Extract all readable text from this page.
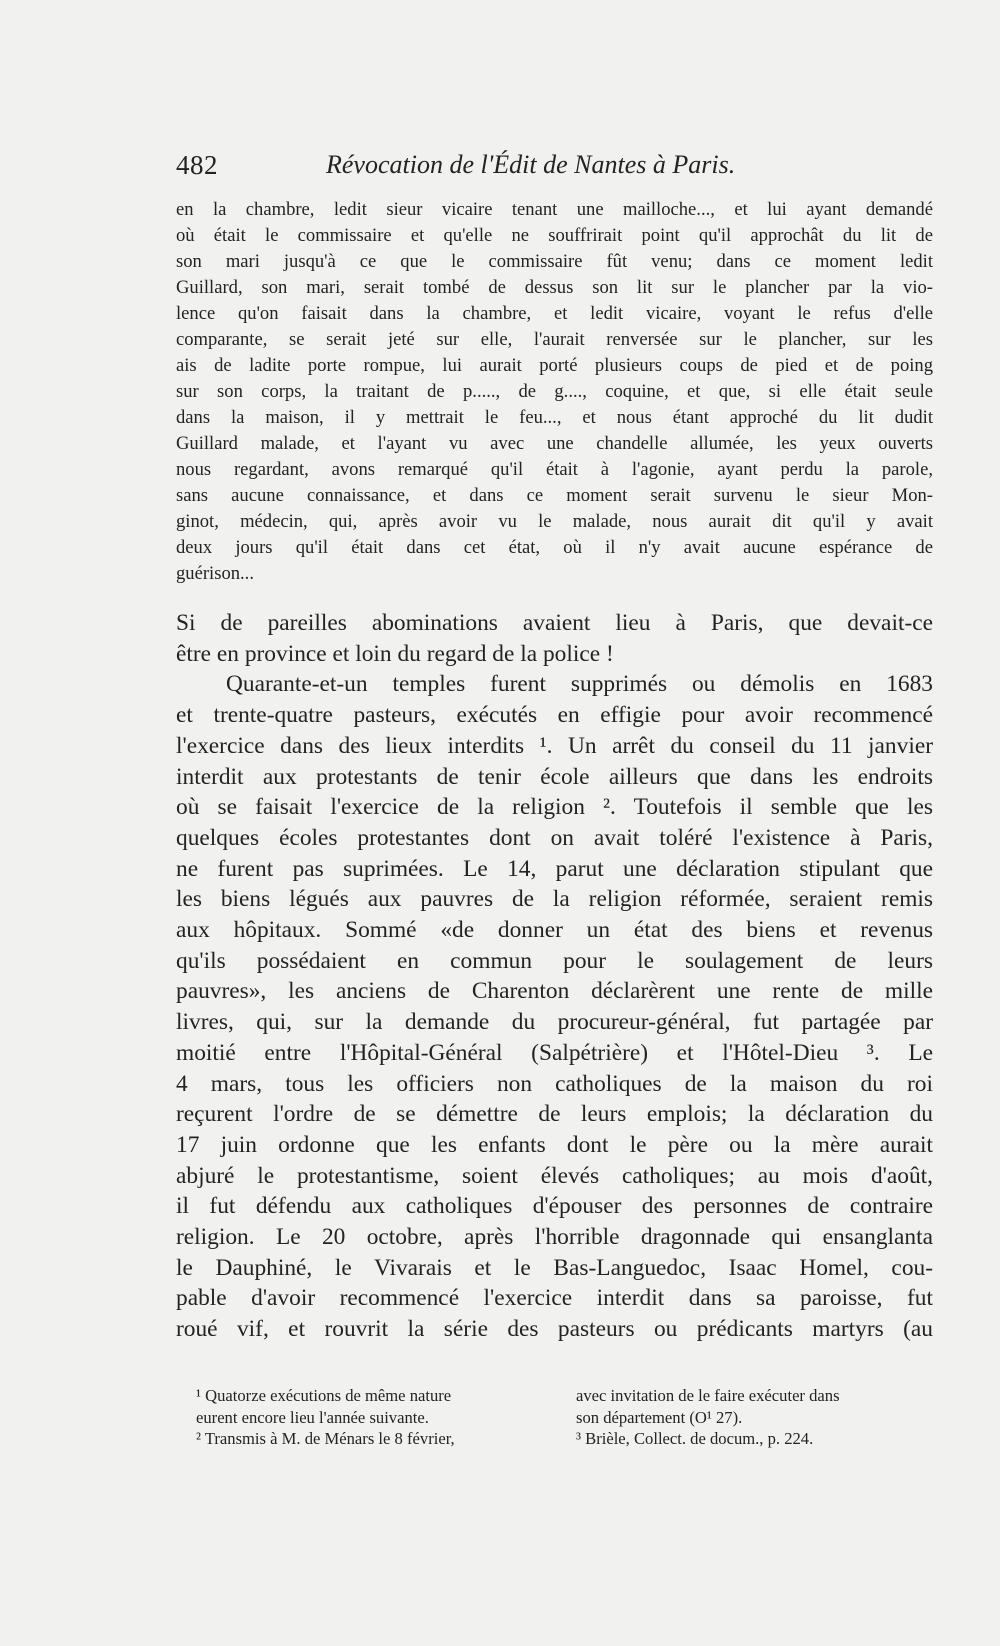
482	Révocation de l'Édit de Nantes à Paris.
en la chambre, ledit sieur vicaire tenant une mailloche..., et lui ayant demandé
où était le commissaire et qu'elle ne souffrirait point qu'il approchât du lit de
son mari jusqu'à ce que le commissaire fût venu; dans ce moment ledit
Guillard, son mari, serait tombé de dessus son lit sur le plancher par la vio-
lence qu'on faisait dans la chambre, et ledit vicaire, voyant le refus d'elle
comparante, se serait jeté sur elle, l'aurait renversée sur le plancher, sur les
ais de ladite porte rompue, lui aurait porté plusieurs coups de pied et de poing
sur son corps, la traitant de p....., de g...., coquine, et que, si elle était seule
dans la maison, il y mettrait le feu..., et nous étant approché du lit dudit
Guillard malade, et l'ayant vu avec une chandelle allumée, les yeux ouverts
nous regardant, avons remarqué qu'il était à l'agonie, ayant perdu la parole,
sans aucune connaissance, et dans ce moment serait survenu le sieur Mon-
ginot, médecin, qui, après avoir vu le malade, nous aurait dit qu'il y avait
deux jours qu'il était dans cet état, où il n'y avait aucune espérance de
guérison...
Si de pareilles abominations avaient lieu à Paris, que devait-ce
être en province et loin du regard de la police !
Quarante-et-un temples furent supprimés ou démolis en 1683
et trente-quatre pasteurs, exécutés en effigie pour avoir recommencé
l'exercice dans des lieux interdits ¹. Un arrêt du conseil du 11 janvier
interdit aux protestants de tenir école ailleurs que dans les endroits
où se faisait l'exercice de la religion ². Toutefois il semble que les
quelques écoles protestantes dont on avait toléré l'existence à Paris,
ne furent pas suprimées. Le 14, parut une déclaration stipulant que
les biens légués aux pauvres de la religion réformée, seraient remis
aux hôpitaux. Sommé «de donner un état des biens et revenus
qu'ils possédaient en commun pour le soulagement de leurs
pauvres», les anciens de Charenton déclarèrent une rente de mille
livres, qui, sur la demande du procureur-général, fut partagée par
moitié entre l'Hôpital-Général (Salpétrière) et l'Hôtel-Dieu ³. Le
4 mars, tous les officiers non catholiques de la maison du roi
reçurent l'ordre de se démettre de leurs emplois; la déclaration du
17 juin ordonne que les enfants dont le père ou la mère aurait
abjuré le protestantisme, soient élevés catholiques; au mois d'août,
il fut défendu aux catholiques d'épouser des personnes de contraire
religion. Le 20 octobre, après l'horrible dragonnade qui ensanglanta
le Dauphiné, le Vivarais et le Bas-Languedoc, Isaac Homel, cou-
pable d'avoir recommencé l'exercice interdit dans sa paroisse, fut
roué vif, et rouvrit la série des pasteurs ou prédicants martyrs (au
¹ Quatorze exécutions de même nature
eurent encore lieu l'année suivante.
² Transmis à M. de Ménars le 8 février,
avec invitation de le faire exécuter dans
son département (O¹ 27).
³ Brièle, Collect. de docum., p. 224.
